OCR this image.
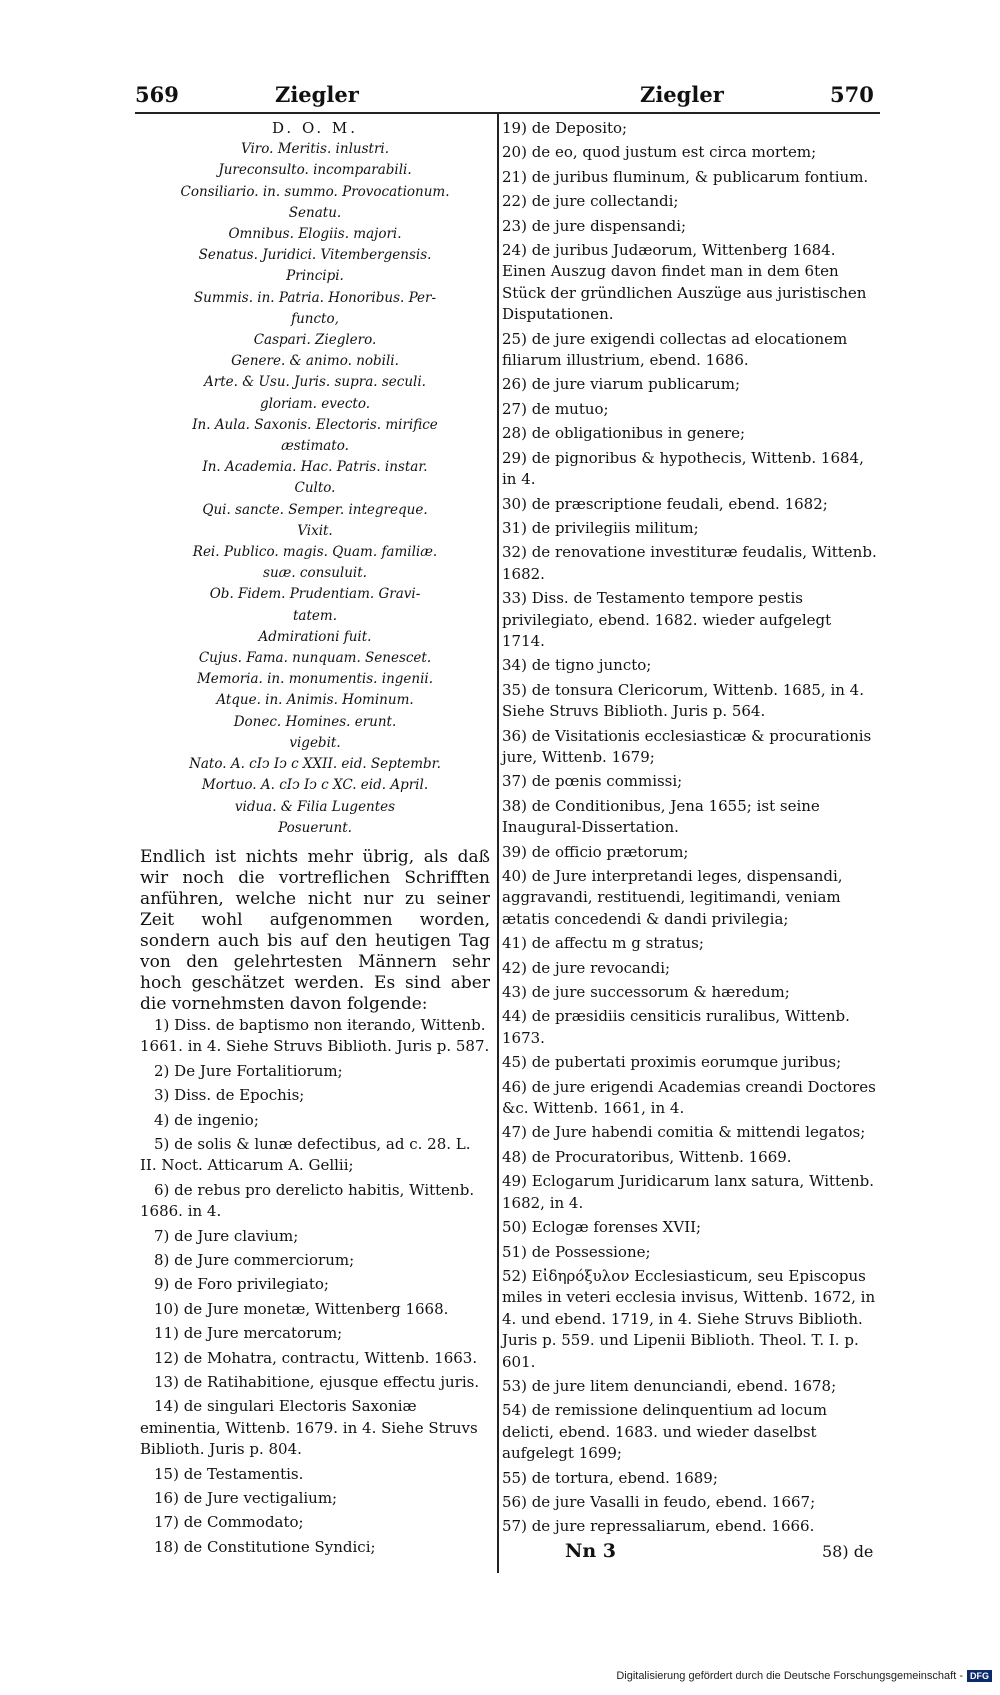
569	Ziegler	Ziegler	570
D. O. M.
Viro. Meritis. inlustri.
Jureconsulto. incomparabili.
Consiliario. in. summo. Provocationum.
Senatu.
Omnibus. Elogiis. majori.
Senatus. Juridici. Vitembergensis.
Principi.
Summis. in. Patria. Honoribus. Per-
functo,
Caspari. Zieglero.
Genere. & animo. nobili.
Arte. & Usu. Juris. supra. seculi.
gloriam. evecto.
In. Aula. Saxonis. Electoris. mirifice
æstimato.
In. Academia. Hac. Patris. instar.
Culto.
Qui. sancte. Semper. integreque.
Vixit.
Rei. Publico. magis. Quam. familiæ.
suæ. consuluit.
Ob. Fidem. Prudentiam. Gravi-
tatem.
Admirationi fuit.
Cujus. Fama. nunquam. Senescet.
Memoria. in. monumentis. ingenii.
Atque. in. Animis. Hominum.
Donec. Homines. erunt.
vigebit.
Nato. A. cIↄ Iↄ c XXII. eid. Septembr.
Mortuo. A. cIↄ Iↄ c XC. eid. April.
vidua. & Filia Lugentes
Posuerunt.
Endlich ist nichts mehr übrig, als daß wir noch die vortreflichen Schrifften anführen, welche nicht nur zu seiner Zeit wohl aufgenommen worden, sondern auch bis auf den heutigen Tag von den gelehrtesten Männern sehr hoch geschätzet werden. Es sind aber die vornehmsten davon folgende:
1) Diss. de baptismo non iterando, Wittenb. 1661. in 4. Siehe Struvs Biblioth. Juris p. 587.
2) De Jure Fortalitiorum;
3) Diss. de Epochis;
4) de ingenio;
5) de solis & lunæ defectibus, ad c. 28. L. II. Noct. Atticarum A. Gellii;
6) de rebus pro derelicto habitis, Wittenb. 1686. in 4.
7) de Jure clavium;
8) de Jure commerciorum;
9) de Foro privilegiato;
10) de Jure monetæ, Wittenberg 1668.
11) de Jure mercatorum;
12) de Mohatra, contractu, Wittenb. 1663.
13) de Ratihabitione, ejusque effectu juris.
14) de singulari Electoris Saxoniæ eminentia, Wittenb. 1679. in 4. Siehe Struvs Biblioth. Juris p. 804.
15) de Testamentis.
16) de Jure vectigalium;
17) de Commodato;
18) de Constitutione Syndici;
19) de Deposito;
20) de eo, quod justum est circa mortem;
21) de juribus fluminum, & publicarum fontium.
22) de jure collectandi;
23) de jure dispensandi;
24) de juribus Judæorum, Wittenberg 1684. Einen Auszug davon findet man in dem 6ten Stück der gründlichen Auszüge aus juristischen Disputationen.
25) de jure exigendi collectas ad elocationem filiarum illustrium, ebend. 1686.
26) de jure viarum publicarum;
27) de mutuo;
28) de obligationibus in genere;
29) de pignoribus & hypothecis, Wittenb. 1684, in 4.
30) de præscriptione feudali, ebend. 1682;
31) de privilegiis militum;
32) de renovatione investituræ feudalis, Wittenb. 1682.
33) Diss. de Testamento tempore pestis privilegiato, ebend. 1682. wieder aufgelegt 1714.
34) de tigno juncto;
35) de tonsura Clericorum, Wittenb. 1685, in 4. Siehe Struvs Biblioth. Juris p. 564.
36) de Visitationis ecclesiasticæ & procurationis jure, Wittenb. 1679;
37) de pœnis commissi;
38) de Conditionibus, Jena 1655; ist seine Inaugural-Dissertation.
39) de officio prætorum;
40) de Jure interpretandi leges, dispensandi, aggravandi, restituendi, legitimandi, veniam ætatis concedendi & dandi privilegia;
41) de affectu m g stratus;
42) de jure revocandi;
43) de jure successorum & hæredum;
44) de præsidiis censiticis ruralibus, Wittenb. 1673.
45) de pubertati proximis eorumque juribus;
46) de jure erigendi Academias creandi Doctores &c. Wittenb. 1661, in 4.
47) de Jure habendi comitia & mittendi legatos;
48) de Procuratoribus, Wittenb. 1669.
49) Eclogarum Juridicarum lanx satura, Wittenb. 1682, in 4.
50) Eclogæ forenses XVII;
51) de Possessione;
52) Εἰδηρόξυλον Ecclesiasticum, seu Episcopus miles in veteri ecclesia invisus, Wittenb. 1672, in 4. und ebend. 1719, in 4. Siehe Struvs Biblioth. Juris p. 559. und Lipenii Biblioth. Theol. T. I. p. 601.
53) de jure litem denunciandi, ebend. 1678;
54) de remissione delinquentium ad locum delicti, ebend. 1683. und wieder daselbst aufgelegt 1699;
55) de tortura, ebend. 1689;
56) de jure Vasalli in feudo, ebend. 1667;
57) de jure repressaliarum, ebend. 1666.
Nn 3	58) de
Digitalisierung gefördert durch die Deutsche Forschungsgemeinschaft - DFG
